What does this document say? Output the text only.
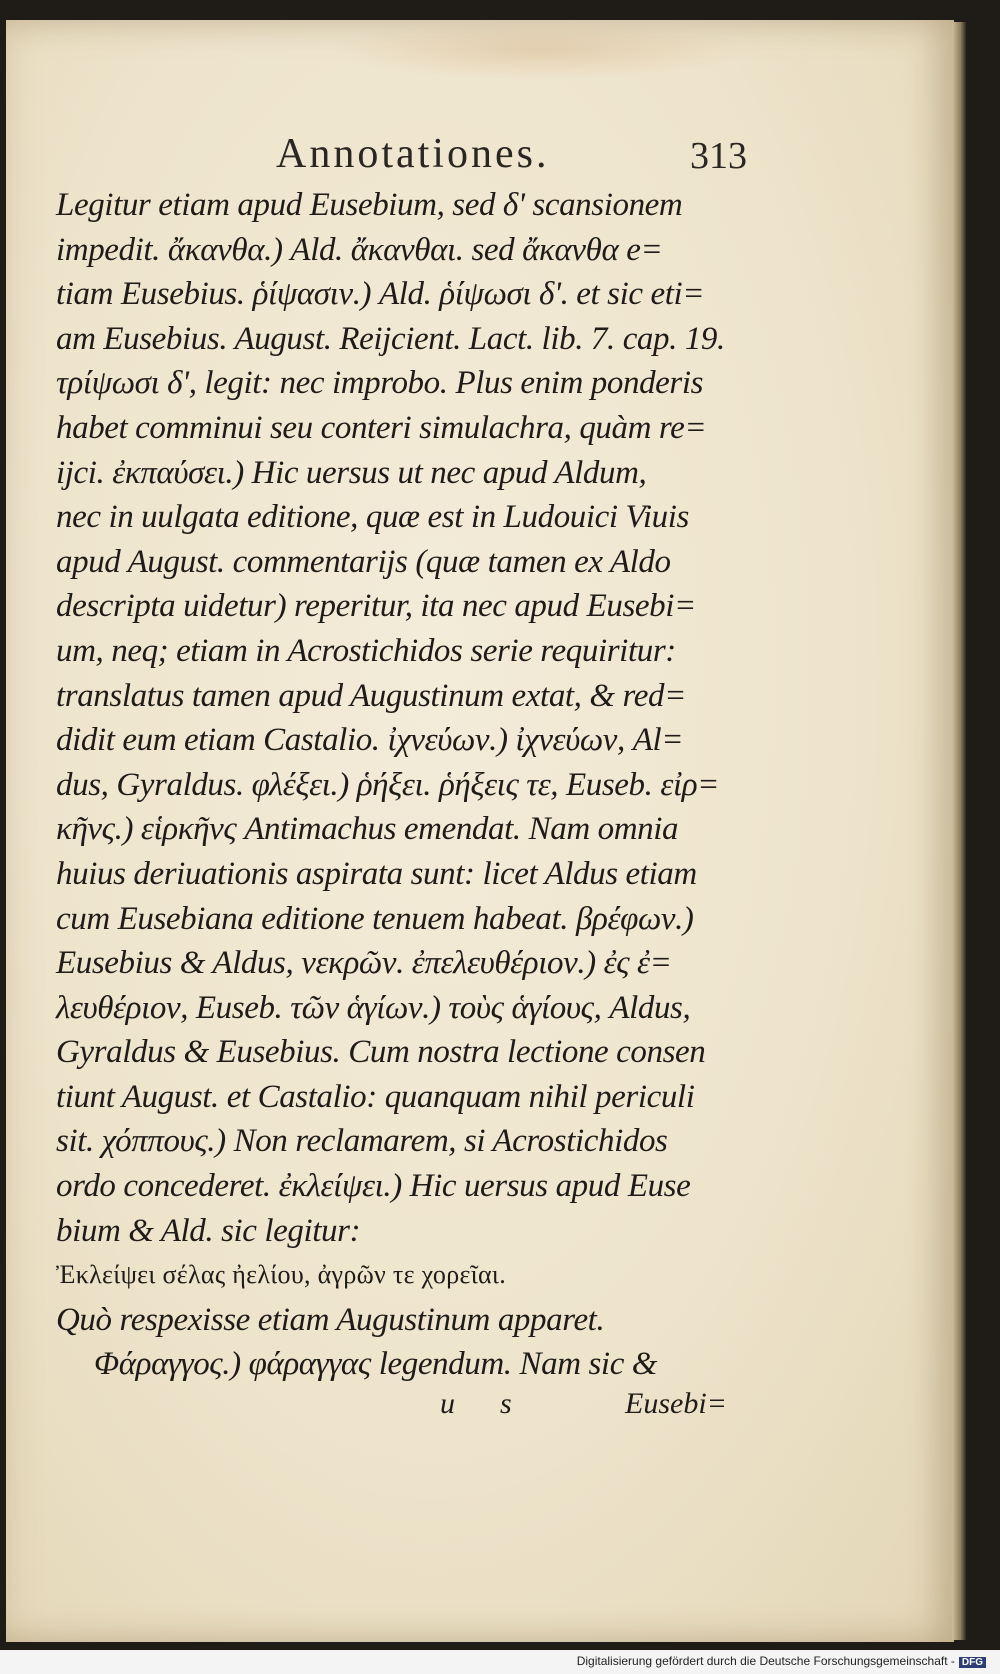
Annotationes.	313
Legitur etiam apud Eusebium, sed δ' scansionem
impedit. ἄκανθα.) Ald. ἄκανθαι. sed ἄκανθα e=
tiam Eusebius. ῥίψασιν.) Ald. ῥίψωσι δ'. et sic eti=
am Eusebius. August. Reijcient. Lact. lib. 7. cap. 19.
τρίψωσι δ', legit: nec improbo. Plus enim ponderis
habet comminui seu conteri simulachra, quàm re=
ijci. ἐκπαύσει.) Hic uersus ut nec apud Aldum,
nec in uulgata editione, quæ est in Ludouici Viuis
apud August. commentarijs (quæ tamen ex Aldo
descripta uidetur) reperitur, ita nec apud Eusebi=
um, neq; etiam in Acrostichidos serie requiritur:
translatus tamen apud Augustinum extat, & red=
didit eum etiam Castalio. ἰχνεύων.) ἰχνεύων, Al=
dus, Gyraldus. φλέξει.) ῥήξει. ῥήξεις τε, Euseb. εἰρ=
κῆνς.) εἱρκῆνς Antimachus emendat. Nam omnia
huius deriuationis aspirata sunt: licet Aldus etiam
cum Eusebiana editione tenuem habeat. βρέφων.)
Eusebius & Aldus, νεκρῶν. ἐπελευθέριον.) ἐς ἐ=
λευθέριον, Euseb. τῶν ἁγίων.) τοὺς ἁγίους, Aldus,
Gyraldus & Eusebius. Cum nostra lectione consen
tiunt August. et Castalio: quanquam nihil periculi
sit. χόππους.) Non reclamarem, si Acrostichidos
ordo concederet. ἐκλείψει.) Hic uersus apud Euse
bium & Ald. sic legitur:
Ἐκλείψει σέλας ἠελίου, ἀγρῶν τε χορεῖαι.
Quò respexisse etiam Augustinum apparet.
Φάραγγος.) φάραγγας legendum. Nam sic &
u s	Eusebi=
Digitalisierung gefördert durch die Deutsche Forschungsgemeinschaft - DFG
